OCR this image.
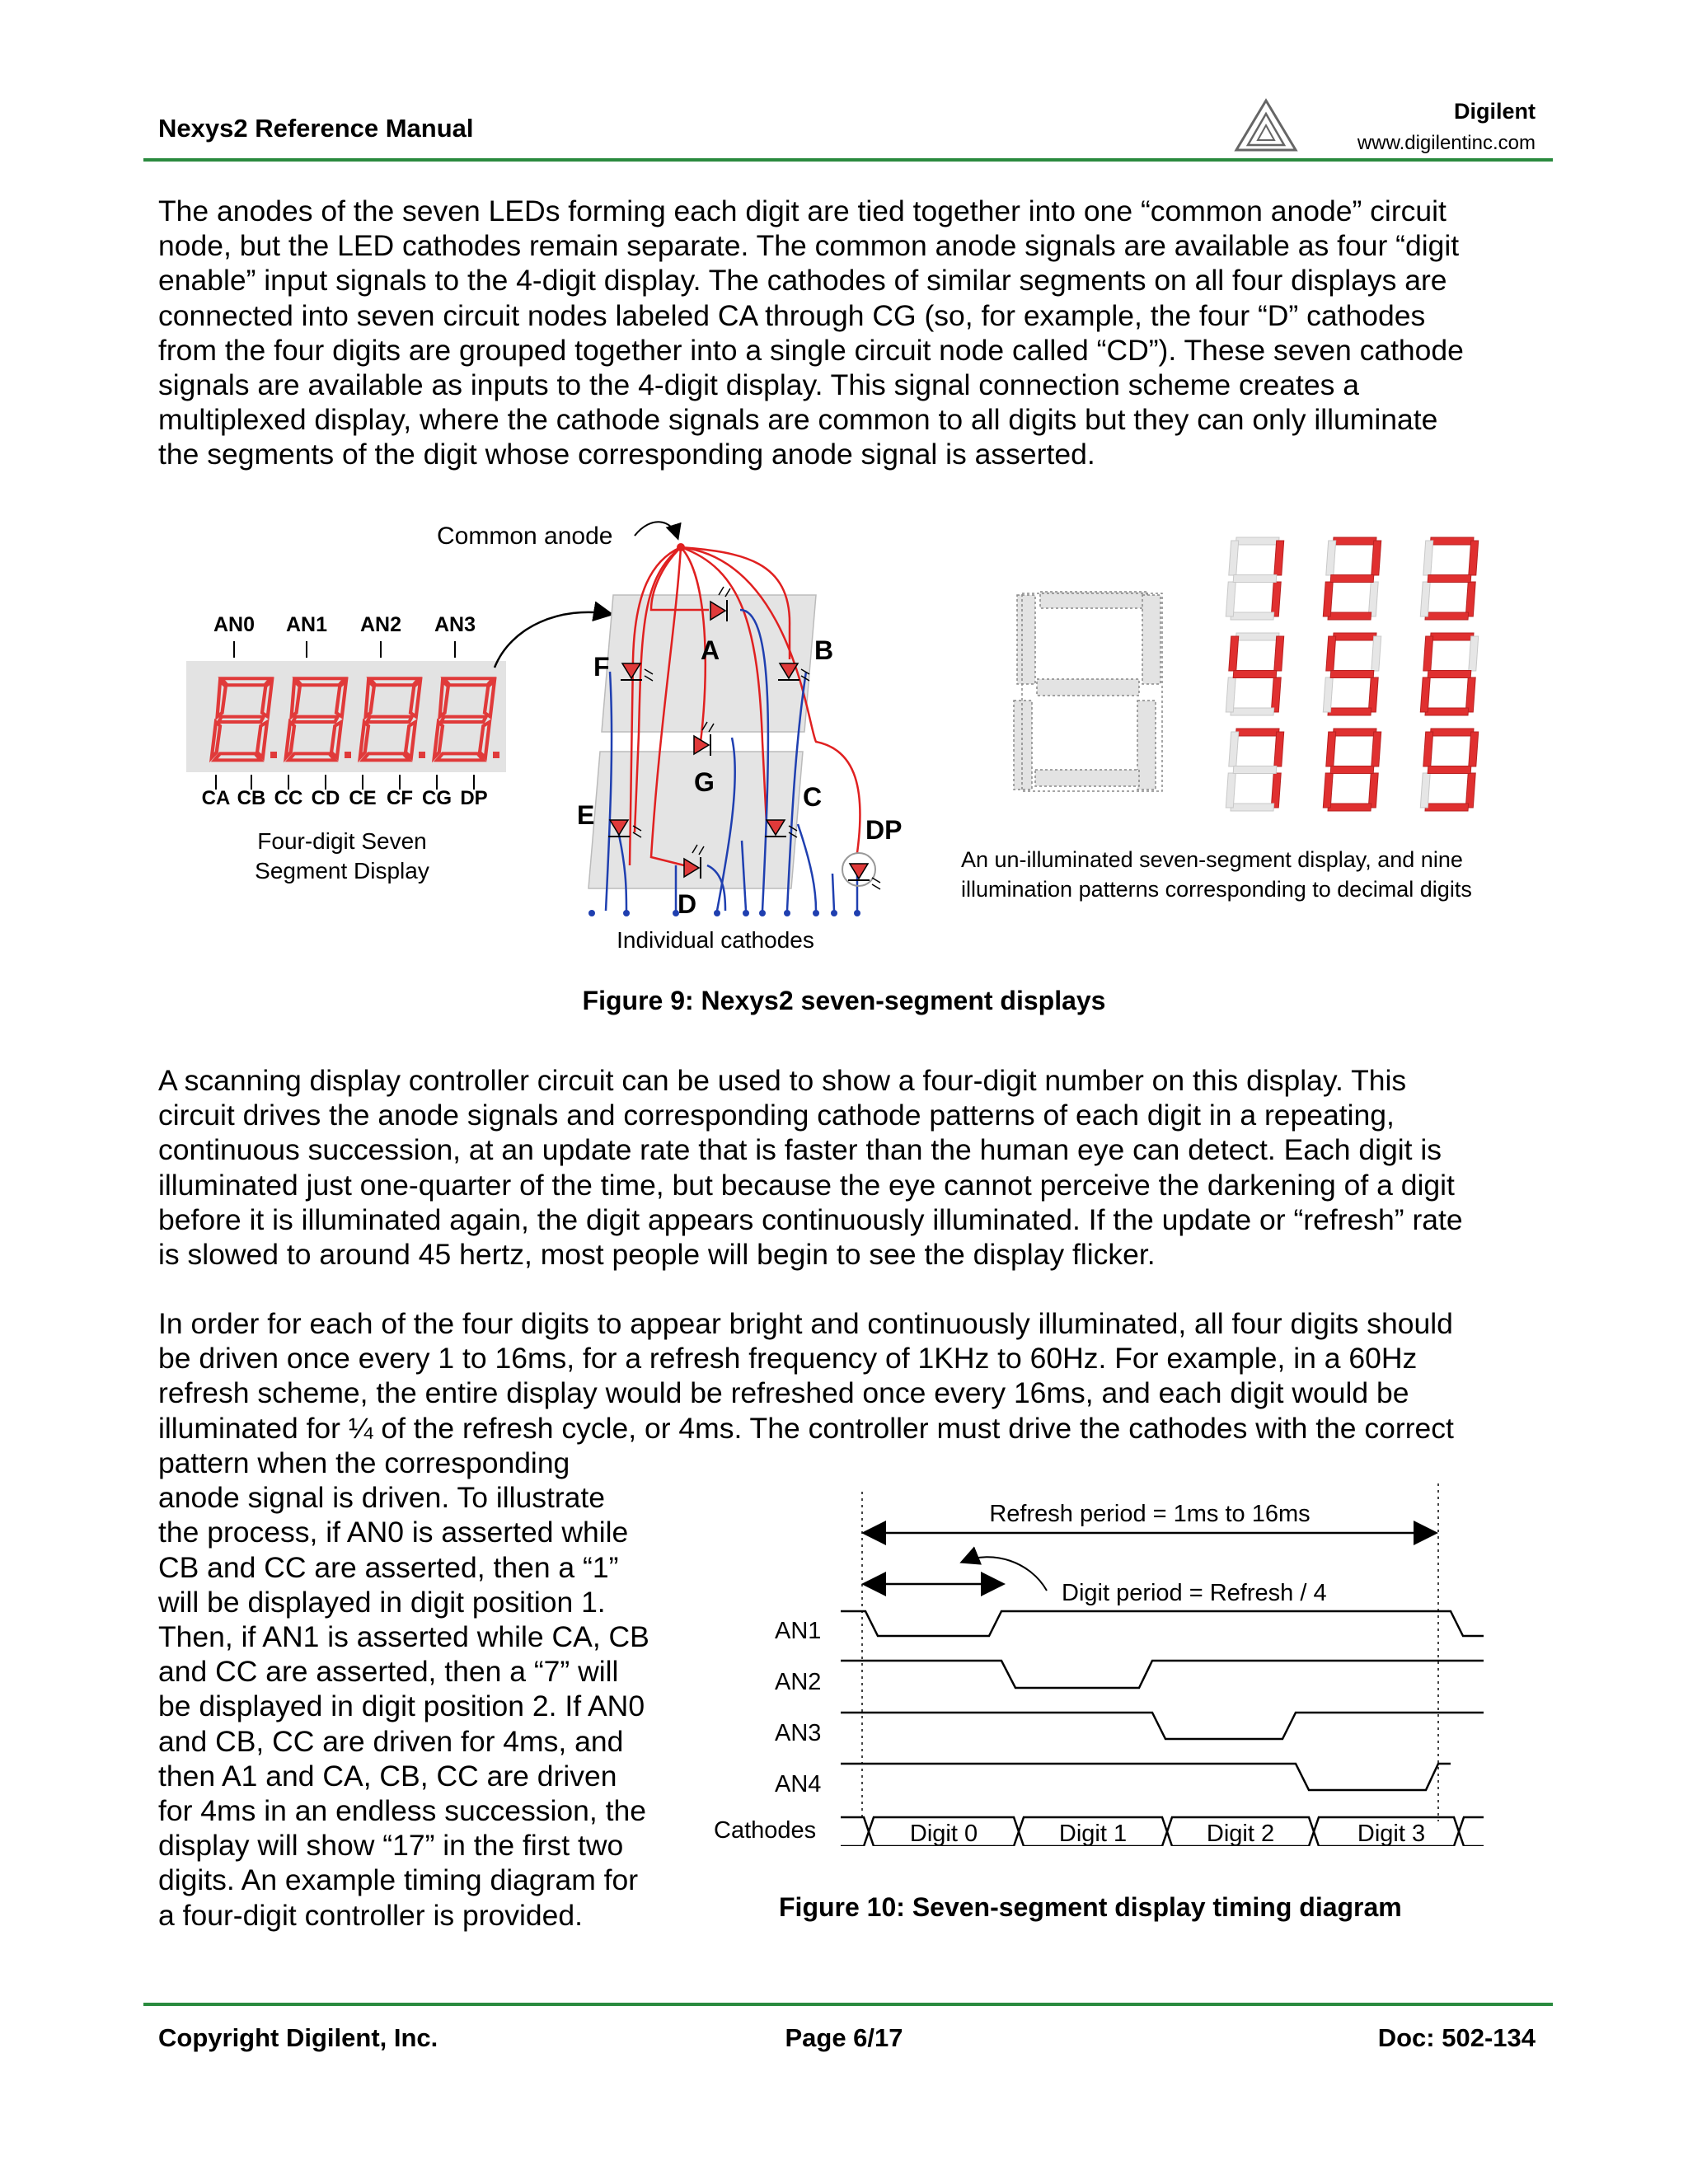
Nexys2 Reference Manual
Digilent
www.digilentinc.com

The anodes of the seven LEDs forming each digit are tied together into one “common anode” circuit
node, but the LED cathodes remain separate. The common anode signals are available as four “digit
enable” input signals to the 4-digit display. The cathodes of similar segments on all four displays are
connected into seven circuit nodes labeled CA through CG (so, for example, the four “D” cathodes
from the four digits are grouped together into a single circuit node called “CD”). These seven cathode
signals are available as inputs to the 4-digit display. This signal connection scheme creates a
multiplexed display, where the cathode signals are common to all digits but they can only illuminate
the segments of the digit whose corresponding anode signal is asserted.

AN0 AN1 AN2 AN3
CA CB CC CD CE CF CG DP
Four-digit Seven
Segment Display
A	B
F
G	C
E
D
DP
Common anode
Individual cathodes
An un-illuminated seven-segment display, and nine
illumination patterns corresponding to decimal digits
Figure 9: Nexys2 seven-segment displays

A scanning display controller circuit can be used to show a four-digit number on this display. This
circuit drives the anode signals and corresponding cathode patterns of each digit in a repeating,
continuous succession, at an update rate that is faster than the human eye can detect. Each digit is
illuminated just one-quarter of the time, but because the eye cannot perceive the darkening of a digit
before it is illuminated again, the digit appears continuously illuminated. If the update or “refresh” rate
is slowed to around 45 hertz, most people will begin to see the display flicker.

In order for each of the four digits to appear bright and continuously illuminated, all four digits should
be driven once every 1 to 16ms, for a refresh frequency of 1KHz to 60Hz. For example, in a 60Hz
refresh scheme, the entire display would be refreshed once every 16ms, and each digit would be
illuminated for ¼ of the refresh cycle, or 4ms. The controller must drive the cathodes with the correct

pattern when the corresponding
anode signal is driven. To illustrate
the process, if AN0 is asserted while
CB and CC are asserted, then a “1”
will be displayed in digit position 1.
Then, if AN1 is asserted while CA, CB
and CC are asserted, then a “7” will
be displayed in digit position 2. If AN0
and CB, CC are driven for 4ms, and
then A1 and CA, CB, CC are driven
for 4ms in an endless succession, the
display will show “17” in the first two
digits. An example timing diagram for
a four-digit controller is provided.

Refresh period = 1ms to 16ms
Digit period = Refresh / 4
AN1
AN2
AN3
AN4
Cathodes	Digit 0	Digit 1	Digit 2	Digit 3
Figure 10: Seven-segment display timing diagram
Copyright Digilent, Inc.	Page 6/17	Doc: 502-134
